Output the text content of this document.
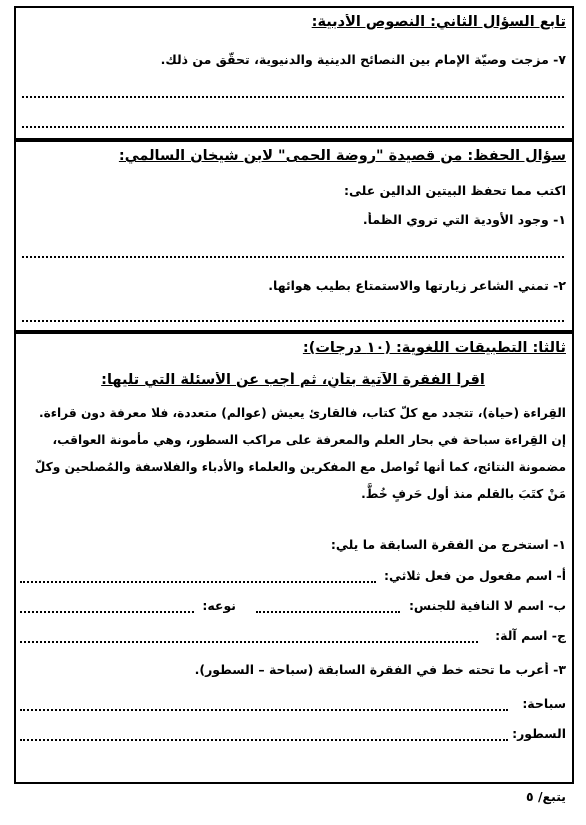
تابع السؤال الثاني: النصوص الأدبية:
٧- مزجت وصيّة الإمام بين النصائح الدينية والدنيوية، تحقّق من ذلك.
سؤال الحفظ: من قصيدة "روضة الحمى" لابن شيخان السالمي:
اكتب مما تحفظ البيتين الدالين على:
١- وجود الأودية التي تروي الظمأ.
٢- تمني الشاعر زيارتها والاستمتاع بطيب هوائها.
ثالثا: التطبيقات اللغوية: (١٠ درجات):
اقرأ الفقرة الآتية بتأنٍ، ثم أجب عن الأسئلة التي تليها:

القِراءة (حياة)، تتجدد مع كلّ كتاب، فالقارئ يعيش (عوالم) متعددة، فلا معرفة دون قراءة.

إن القِراءة سباحة في بحار العلم والمعرفة على مراكب السطور، وهي مأمونة العواقب،

مضمونة النتائج، كما أنها تُواصل مع المفكرين والعلماء والأدباء والفلاسفة والمُصلحين وكلّ

مَنْ كتَبَ بالقلم منذ أول حَرفٍ خُطَّ.

١- استخرج من الفقرة السابقة ما يلي:
أ- اسم مفعول من فعل ثلاثي:
ب- اسم لا النافية للجنس:
نوعه:
ج- اسم آلة:
٣- أعرب ما تحته خط في الفقرة السابقة (سباحة – السطور).
سباحة:
السطور:
يتبع/ ٥
